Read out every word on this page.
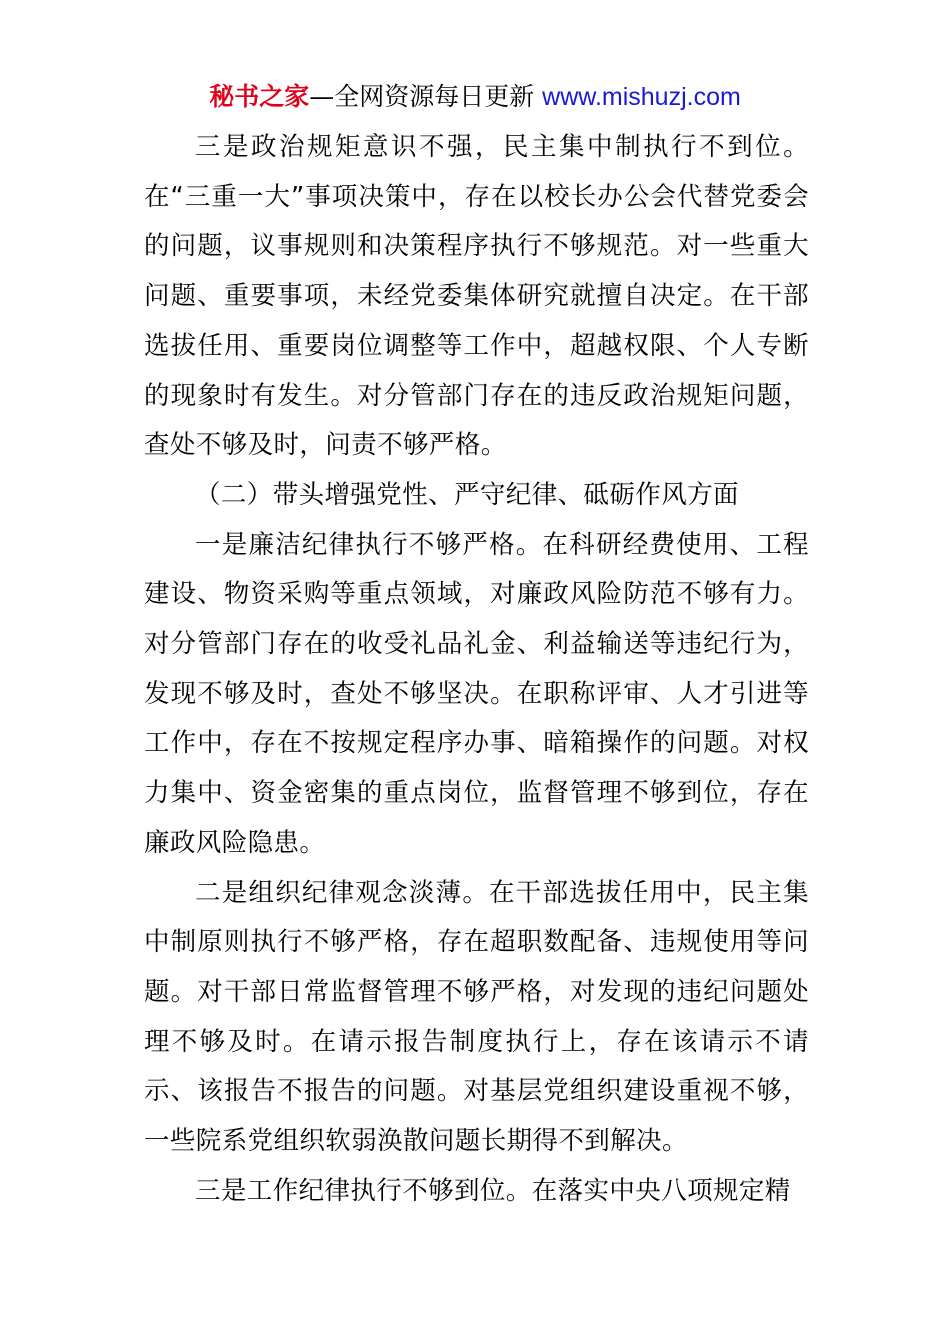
秘书之家—全网资源每日更新 www.mishuzj.com

三是政治规矩意识不强，民主集中制执行不到位。在“三重一大”事项决策中，存在以校长办公会代替党委会的问题，议事规则和决策程序执行不够规范。对一些重大问题、重要事项，未经党委集体研究就擅自决定。在干部选拔任用、重要岗位调整等工作中，超越权限、个人专断的现象时有发生。对分管部门存在的违反政治规矩问题，查处不够及时，问责不够严格。

（二）带头增强党性、严守纪律、砥砺作风方面

一是廉洁纪律执行不够严格。在科研经费使用、工程建设、物资采购等重点领域，对廉政风险防范不够有力。对分管部门存在的收受礼品礼金、利益输送等违纪行为，发现不够及时，查处不够坚决。在职称评审、人才引进等工作中，存在不按规定程序办事、暗箱操作的问题。对权力集中、资金密集的重点岗位，监督管理不够到位，存在廉政风险隐患。

二是组织纪律观念淡薄。在干部选拔任用中，民主集中制原则执行不够严格，存在超职数配备、违规使用等问题。对干部日常监督管理不够严格，对发现的违纪问题处理不够及时。在请示报告制度执行上，存在该请示不请示、该报告不报告的问题。对基层党组织建设重视不够，一些院系党组织软弱涣散问题长期得不到解决。

三是工作纪律执行不够到位。在落实中央八项规定精
